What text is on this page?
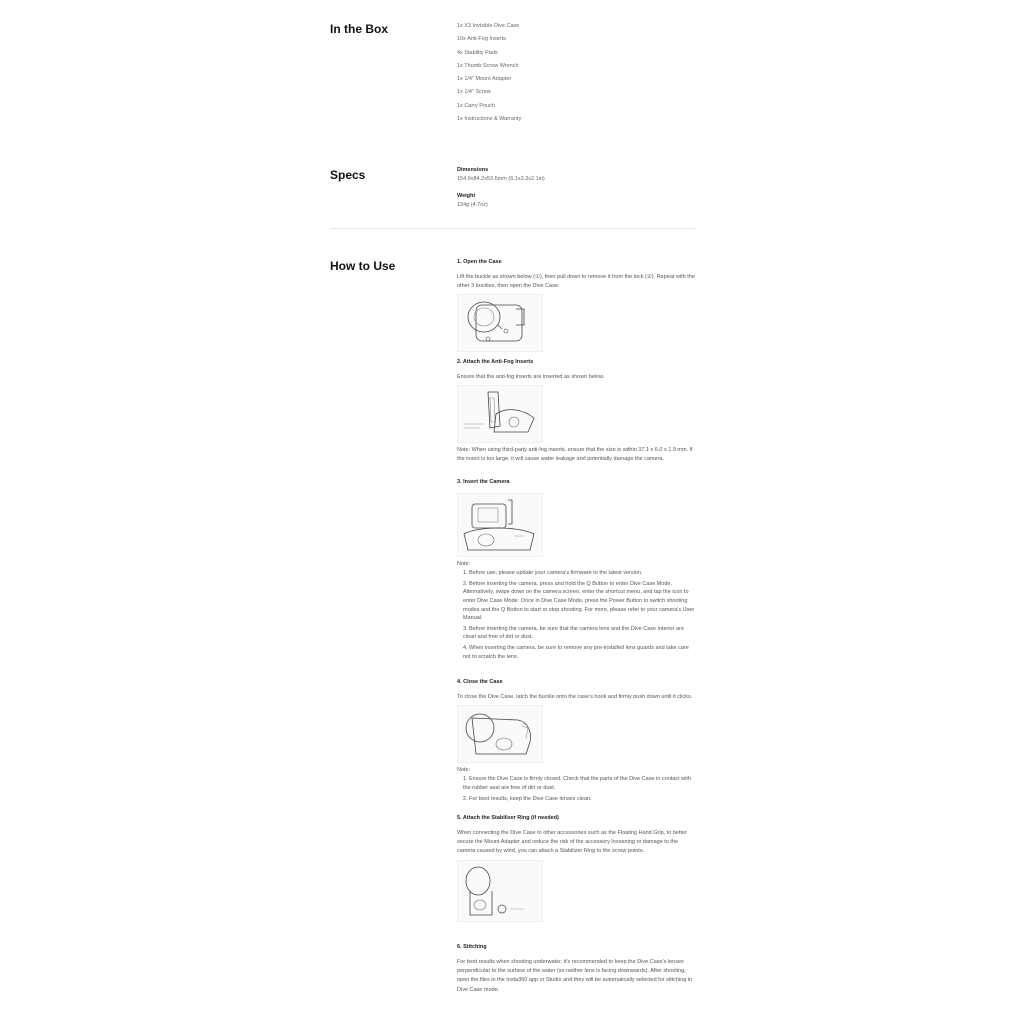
In the Box	1x X3 Invisible Dive Case
10x Anti-Fog Inserts
4x Stability Pads
1x Thumb Screw Wrench
1x 1/4" Mount Adapter
1x 1/4" Screw
1x Carry Pouch
1x Instructions & Warranty
Specs	Dimensions

154.6x84.2x53.6mm (6.1x3.3x2.1in)

Weight

134g (4.7oz)

How to Use	1. Open the Case

Lift the buckle as shown below (①), then pull down to remove it from the lock (②). Repeat with the other 3 buckles, then open the Dive Case.

2. Attach the Anti-Fog Inserts

Ensure that the anti-fog inserts are inserted as shown below.

Note: When using third-party anti-fog inserts, ensure that the size is within 37.1 x 6.0 x 1.9 mm. If the insert is too large, it will cause water leakage and potentially damage the camera.

3. Insert the Camera

Note:

1.Before use, please update your camera's firmware to the latest version.
2.Before inserting the camera, press and hold the Q Button to enter Dive Case Mode. Alternatively, swipe down on the camera screen, enter the shortcut menu, and tap the icon to enter Dive Case Mode. Once in Dive Case Mode, press the Power Button to switch shooting modes and the Q Button to start or stop shooting. For more, please refer to your camera's User Manual.
3.Before inserting the camera, be sure that the camera lens and the Dive Case interior are clean and free of dirt or dust.
4.When inserting the camera, be sure to remove any pre-installed lens guards and take care not to scratch the lens.

4. Close the Case

To close the Dive Case, latch the buckle onto the case's hook and firmly push down until it clicks.

Note:

1.Ensure the Dive Case is firmly closed. Check that the parts of the Dive Case in contact with the rubber seal are free of dirt or dust.
2.For best results, keep the Dive Case lenses clean.

5. Attach the Stabilizer Ring (if needed)

When connecting the Dive Case to other accessories such as the Floating Hand Grip, to better secure the Mount Adapter and reduce the risk of the accessory loosening or damage to the camera caused by wind, you can attach a Stabilizer Ring to the screw points.

6. Stitching

For best results when shooting underwater, it's recommended to keep the Dive Case's lenses perpendicular to the surface of the water (so neither lens is facing downwards). After shooting, open the files in the Insta360 app or Studio and they will be automatically selected for stitching in Dive Case mode.
